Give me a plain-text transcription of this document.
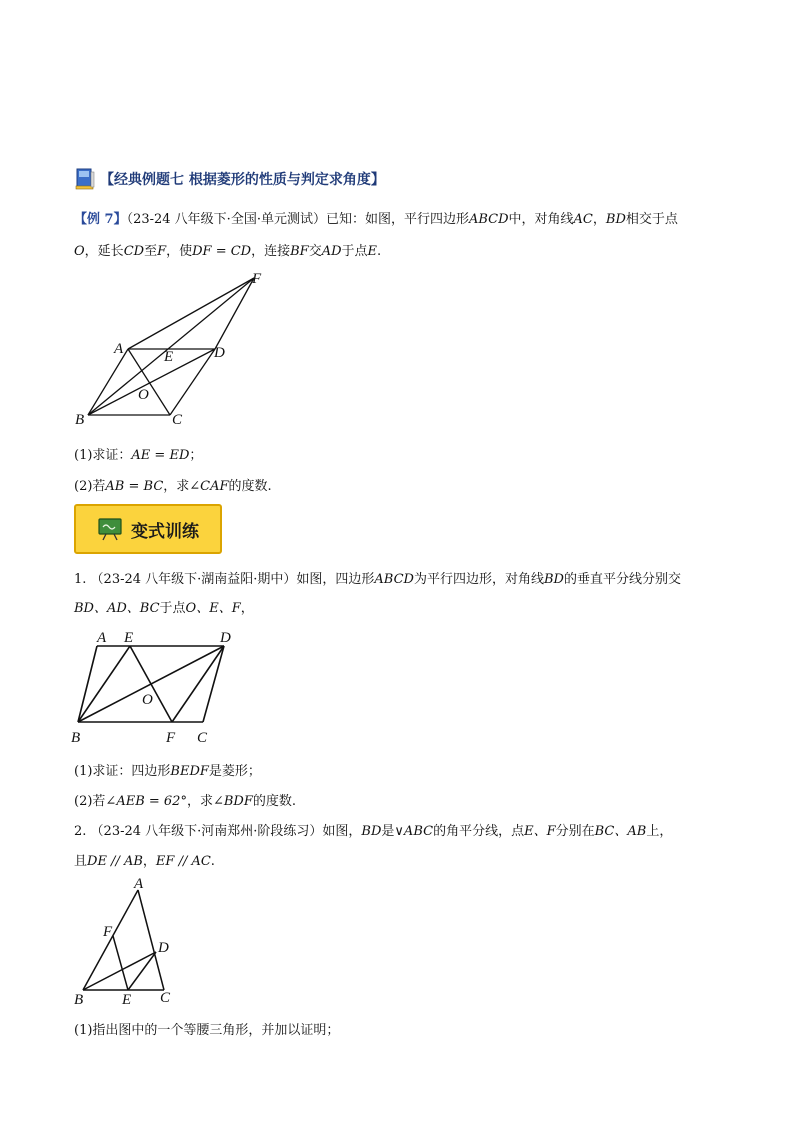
【经典例题七 根据菱形的性质与判定求角度】
【例 7】（23-24 八年级下·全国·单元测试）已知：如图，平行四边形ABCD中，对角线AC，BD相交于点
O，延长CD至F，使DF = CD，连接BF交AD于点E.
F
A	E	D
O
B	C
(1)求证：AE = ED；
(2)若AB = BC，求∠CAF的度数.
变式训练
1. （23-24 八年级下·湖南益阳·期中）如图，四边形ABCD为平行四边形，对角线BD的垂直平分线分别交
BD、AD、BC于点O、E、F，
A E	D
O
B	F C
(1)求证：四边形BEDF是菱形；
(2)若∠AEB = 62°，求∠BDF的度数.
2. （23-24 八年级下·河南郑州·阶段练习）如图，BD是∨ABC的角平分线，点E、F分别在BC、AB上，
且DE // AB，EF // AC.
A
F
D
B	E C
(1)指出图中的一个等腰三角形，并加以证明；
